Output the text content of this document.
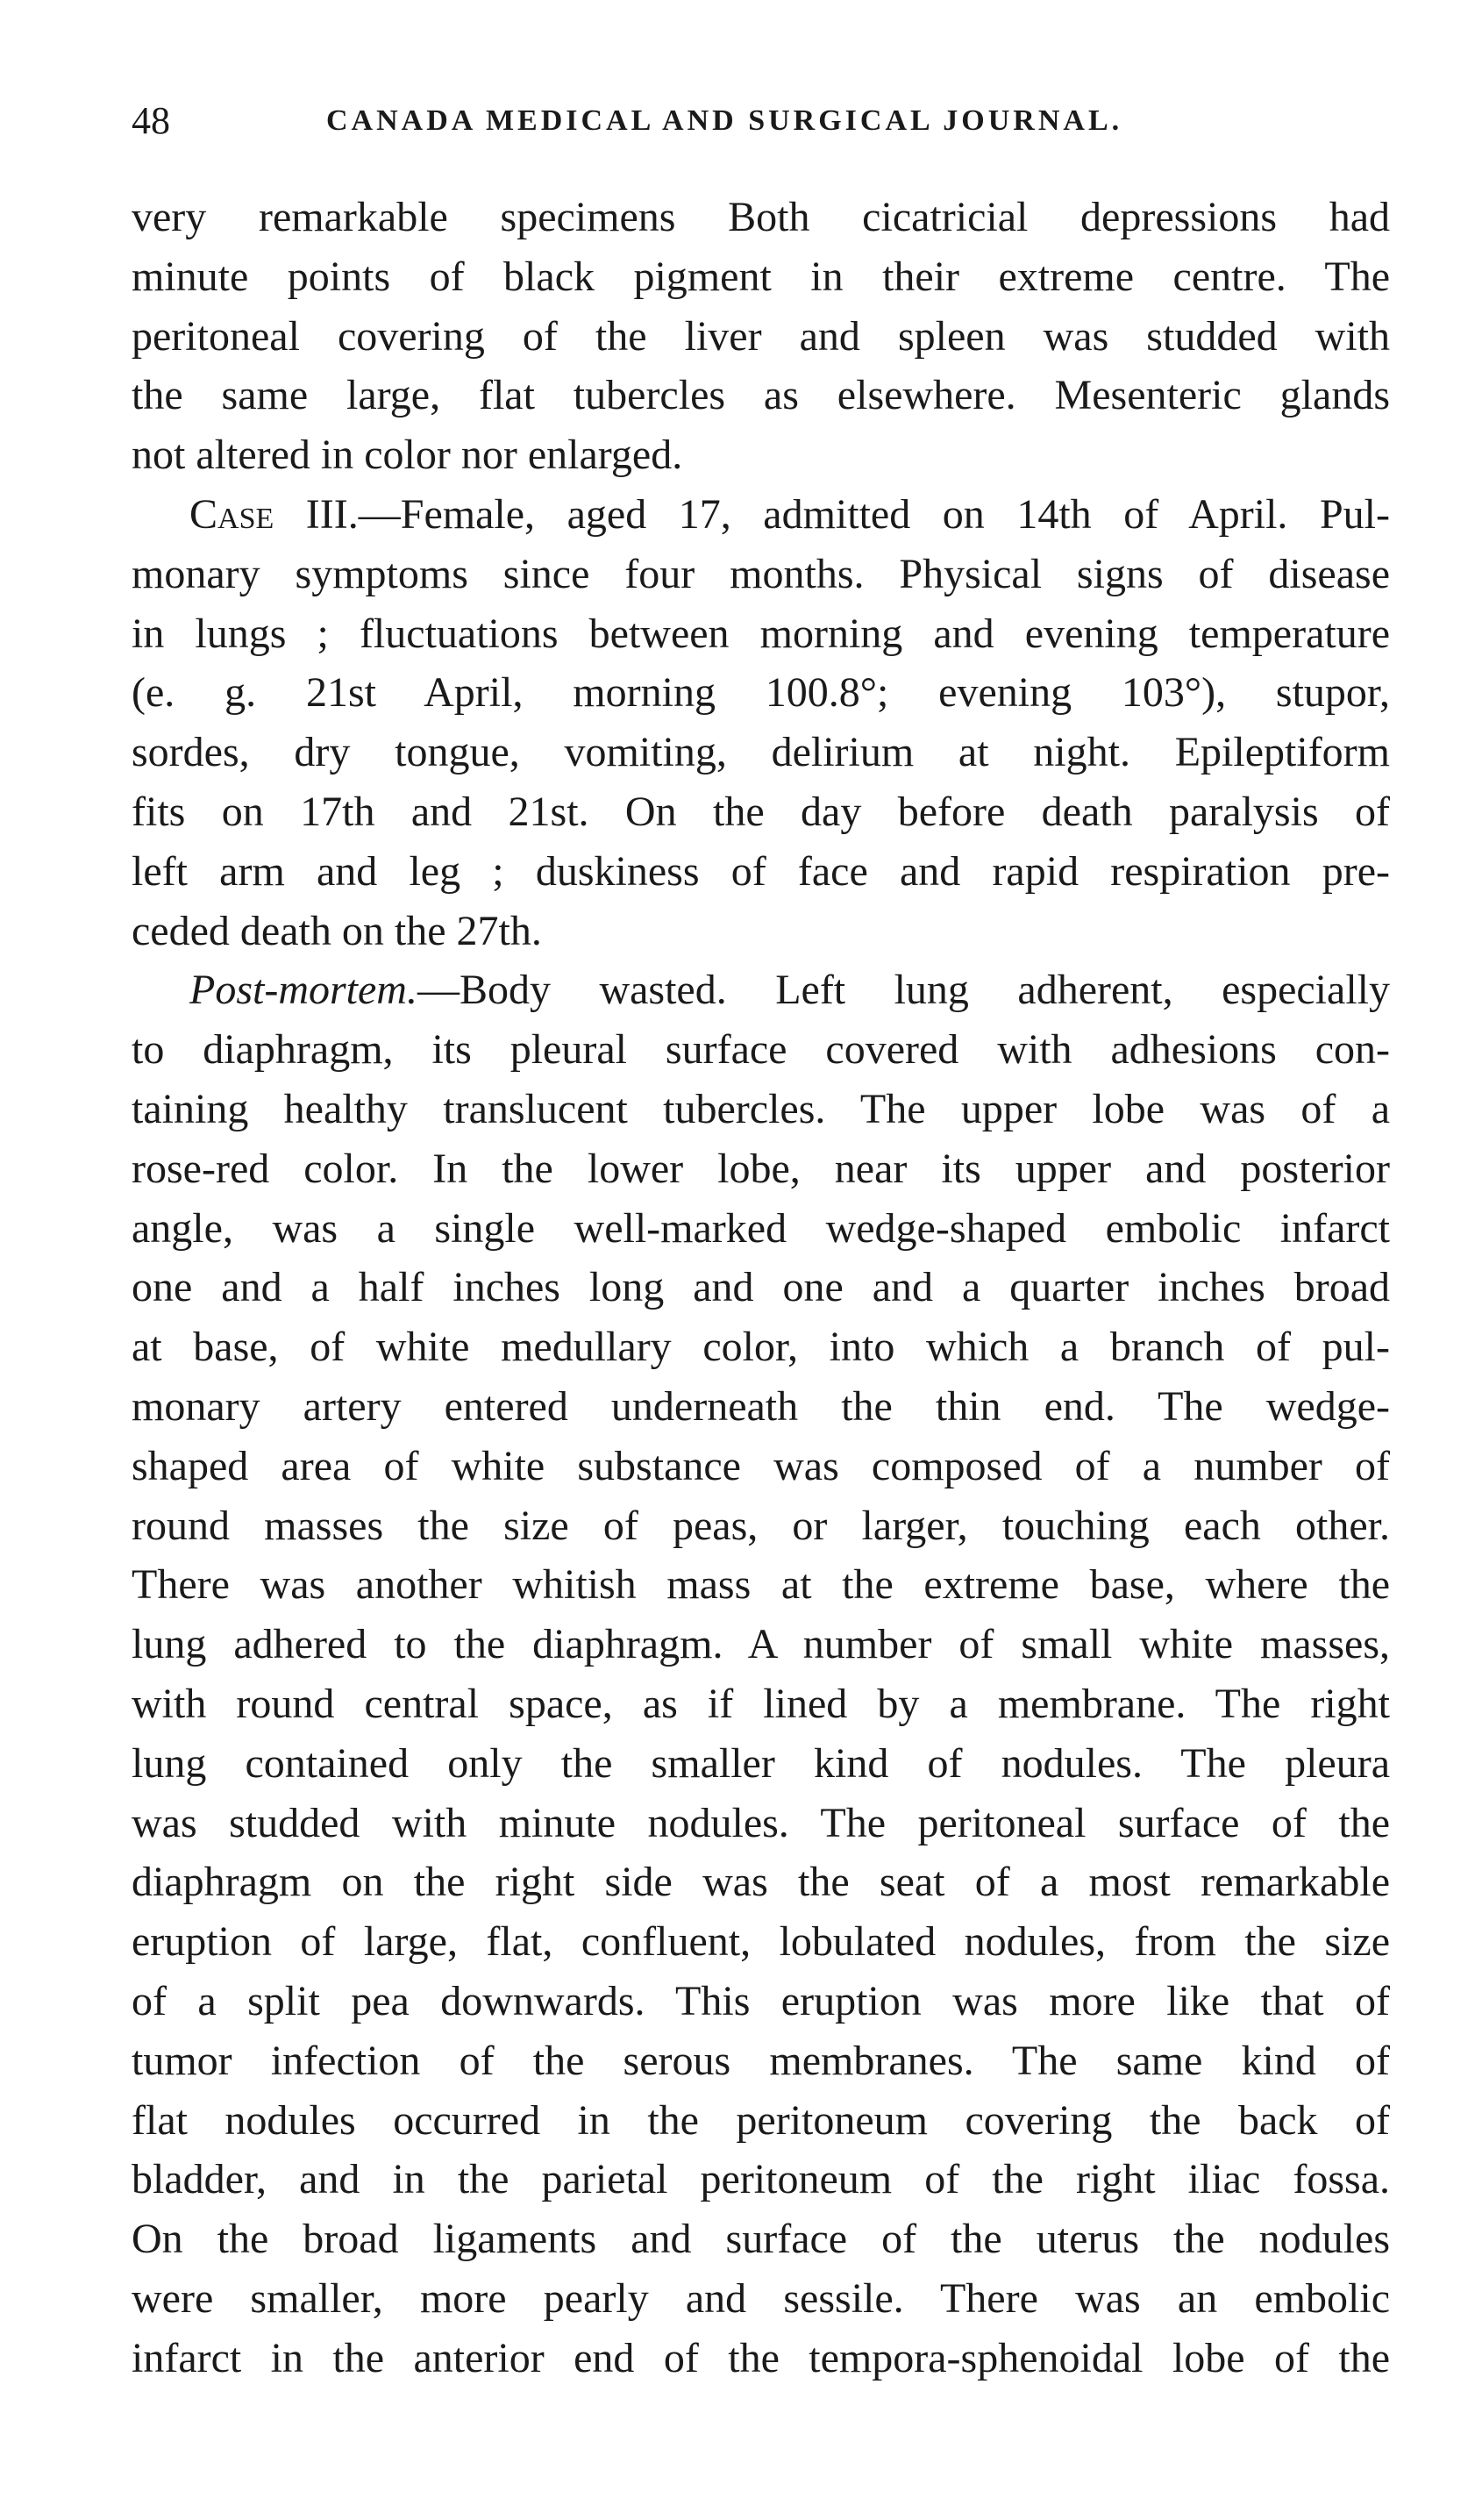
48	CANADA MEDICAL AND SURGICAL JOURNAL.
very remarkable specimens Both cicatricial depressions had
minute points of black pigment in their extreme centre. The
peritoneal covering of the liver and spleen was studded with
the same large, flat tubercles as elsewhere. Mesenteric glands
not altered in color nor enlarged.
Case III.—Female, aged 17, admitted on 14th of April. Pul-
monary symptoms since four months. Physical signs of disease
in lungs ; fluctuations between morning and evening temperature
(e. g. 21st April, morning 100.8°; evening 103°), stupor,
sordes, dry tongue, vomiting, delirium at night. Epileptiform
fits on 17th and 21st. On the day before death paralysis of
left arm and leg ; duskiness of face and rapid respiration pre-
ceded death on the 27th.
Post-mortem.—Body wasted. Left lung adherent, especially
to diaphragm, its pleural surface covered with adhesions con-
taining healthy translucent tubercles. The upper lobe was of a
rose-red color. In the lower lobe, near its upper and posterior
angle, was a single well-marked wedge-shaped embolic infarct
one and a half inches long and one and a quarter inches broad
at base, of white medullary color, into which a branch of pul-
monary artery entered underneath the thin end. The wedge-
shaped area of white substance was composed of a number of
round masses the size of peas, or larger, touching each other.
There was another whitish mass at the extreme base, where the
lung adhered to the diaphragm. A number of small white masses,
with round central space, as if lined by a membrane. The right
lung contained only the smaller kind of nodules. The pleura
was studded with minute nodules. The peritoneal surface of the
diaphragm on the right side was the seat of a most remarkable
eruption of large, flat, confluent, lobulated nodules, from the size
of a split pea downwards. This eruption was more like that of
tumor infection of the serous membranes. The same kind of
flat nodules occurred in the peritoneum covering the back of
bladder, and in the parietal peritoneum of the right iliac fossa.
On the broad ligaments and surface of the uterus the nodules
were smaller, more pearly and sessile. There was an embolic
infarct in the anterior end of the tempora-sphenoidal lobe of the
